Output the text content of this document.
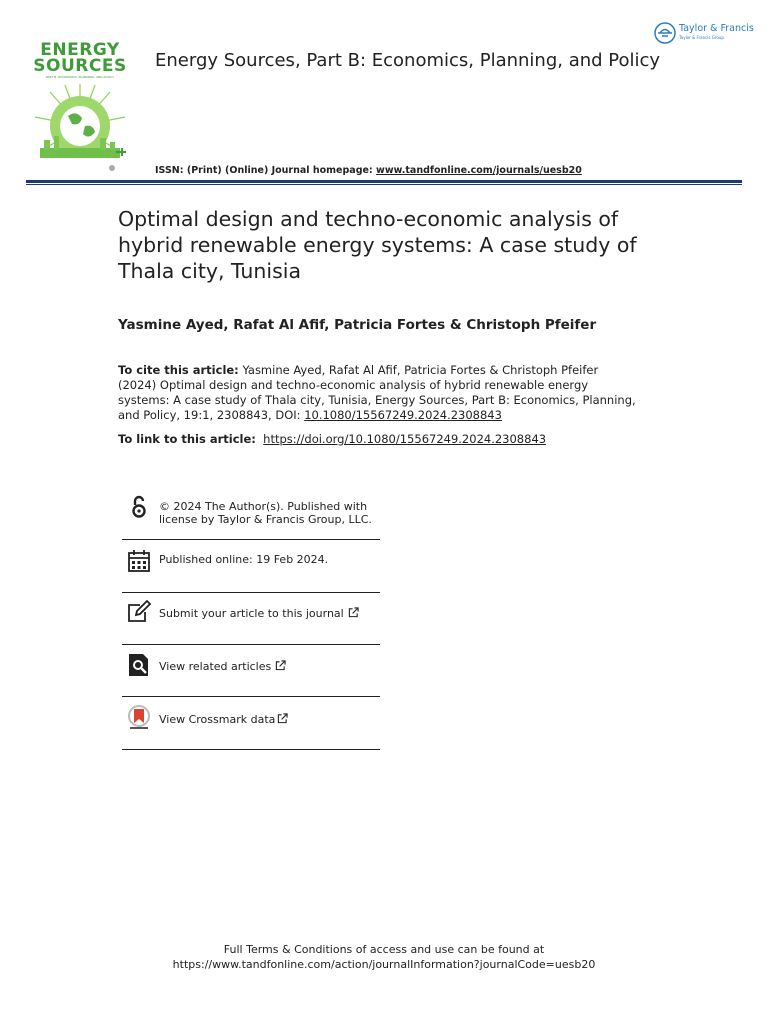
ENERGY
SOURCES
PART B: ECONOMICS, PLANNING, AND POLICY
Energy Sources, Part B: Economics, Planning, and Policy
Taylor & Francis
Taylor & Francis Group
ISSN: (Print) (Online) Journal homepage: www.tandfonline.com/journals/uesb20
Optimal design and techno-economic analysis of hybrid renewable energy systems: A case study of Thala city, Tunisia
Yasmine Ayed, Rafat Al Afif, Patricia Fortes & Christoph Pfeifer
To cite this article: Yasmine Ayed, Rafat Al Afif, Patricia Fortes & Christoph Pfeifer (2024) Optimal design and techno-economic analysis of hybrid renewable energy systems: A case study of Thala city, Tunisia, Energy Sources, Part B: Economics, Planning, and Policy, 19:1, 2308843, DOI: 10.1080/15567249.2024.2308843
To link to this article: https://doi.org/10.1080/15567249.2024.2308843
© 2024 The Author(s). Published with
license by Taylor & Francis Group, LLC.
Published online: 19 Feb 2024.
Submit your article to this journal
View related articles
View Crossmark data
Full Terms & Conditions of access and use can be found at
https://www.tandfonline.com/action/journalInformation?journalCode=uesb20
